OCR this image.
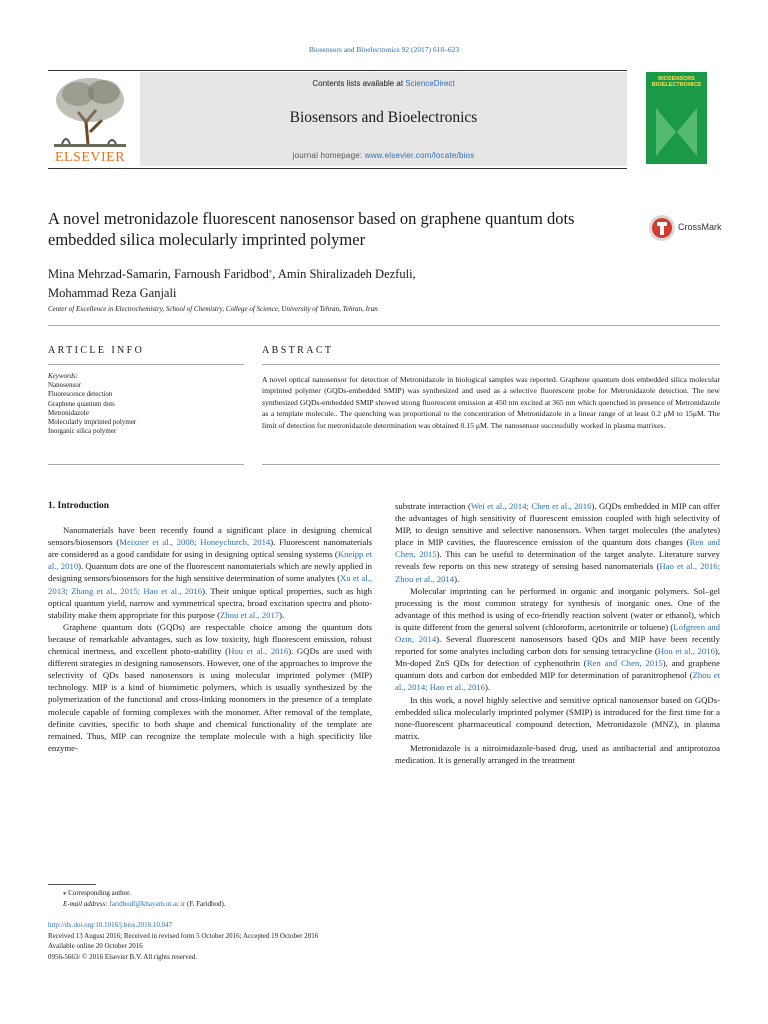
Biosensors and Bioelectronics 92 (2017) 618–623
ELSEVIER
Contents lists available at ScienceDirect
Biosensors and Bioelectronics
journal homepage: www.elsevier.com/locate/bios
BIOSENSORS BIOELECTRONICS
A novel metronidazole fluorescent nanosensor based on graphene quantum dots embedded silica molecularly imprinted polymer
CrossMark
Mina Mehrzad-Samarin, Farnoush Faridbod⁎, Amin Shiralizadeh Dezfuli,
Mohammad Reza Ganjali
Center of Excellence in Electrochemistry, School of Chemistry, College of Science, University of Tehran, Tehran, Iran
ARTICLE INFO	ABSTRACT
Keywords:
Nanosensor
Fluorescence detection
Graphene quantum dots
Metronidazole
Molecularly imprinted polymer
Inorganic silica polymer
A novel optical nanosensor for detection of Metronidazole in biological samples was reported. Graphene quantum dots embedded silica molecular imprinted polymer (GQDs-embedded SMIP) was synthesized and used as a selective fluorescent probe for Metronidazole detection. The new synthesized GQDs-embedded SMIP showed strong fluorescent emission at 450 nm excited at 365 nm which quenched in presence of Metronidazole as a template molecule.. The quenching was proportional to the concentration of Metronidazole in a linear range of at least 0.2 μM to 15μM. The limit of detection for metronidazole determination was obtained 0.15 μM. The nanosensor successfully worked in plasma matrixes.
1. Introduction

Nanomaterials have been recently found a significant place in designing chemical sensors/biosensors (Meixner et al., 2008; Honeychurch, 2014). Fluorescent nanomaterials are considered as a good candidate for using in designing optical sensing systems (Kneipp et al., 2010). Quantum dots are one of the fluorescent nanomaterials which are newly applied in designing sensors/biosensors for the high sensitive determination of some analytes (Xu et al., 2013; Zhang et al., 2015; Hao et al., 2016). Their unique optical properties, such as high optical quantum yield, narrow and symmetrical spectra, broad excitation spectra and photo-stability make them appropriate for this purpose (Zhou et al., 2017).

Graphene quantum dots (GQDs) are respectable choice among the quantum dots because of remarkable advantages, such as low toxicity, high fluorescent emission, robust chemical inertness, and excellent photo-stability (Hou et al., 2016). GQDs are used with different strategies in designing nanosensors. However, one of the approaches to improve the selectivity of QDs based nanosensors is using molecular imprinted polymer (MIP) technology. MIP is a kind of biomimetic polymers, which is usually synthesized by the polymerization of the functional and cross-linking monomers in the presence of a template molecule capable of forming complexes with the monomer. After removal of the template, definite cavities, specific to both shape and chemical functionality of the template are remained. Thus, MIP can recognize the template molecule with a high specificity like enzyme-

substrate interaction (Wei et al., 2014; Chen et al., 2016). GQDs embedded in MIP can offer the advantages of high sensitivity of fluorescent emission coupled with high selectivity of MIP, to design sensitive and selective nanosensors. When target molecules (the analytes) place in MIP cavities, the fluorescence emission of the quantum dots changes (Ren and Chen, 2015). This can be useful to determination of the target analyte. Literature survey reveals few reports on this new strategy of sensing based nanomaterials (Hao et al., 2016; Zhou et al., 2014).

Molecular imprinting can be performed in organic and inorganic polymers. Sol–gel processing is the most common strategy for synthesis of inorganic ones. One of the advantage of this method is using of eco-friendly reaction solvent (water or ethanol), which is quite different from the general solvent (chloroform, acetonitrile or toluene) (Lofgreen and Ozin, 2014). Several fluorescent nanosensors based QDs and MIP have been recently reported for some analytes including carbon dots for sensing tetracycline (Hou et al., 2016), Mn-doped ZnS QDs for detection of cyphenothrin (Ren and Chen, 2015), and graphene quantum dots and carbon dot embedded MIP for determination of paranitrophenol (Zhou et al., 2014; Hao et al., 2016).

In this work, a novel highly selective and sensitive optical nanosensor based on GQDs-embedded silica molecularly imprinted polymer (SMIP) is introduced for the first time for a none-fluorescent pharmaceutical compound detection, Metronidazole (MNZ), in plasma matrix.

Metronidazole is a nitroimidazole-based drug, used as antibacterial and antiprotozoa medication. It is generally arranged in the treatment

⁎ Corresponding author.
E-mail address: faridbodf@khayam.ut.ac.ir (F. Faridbod).
http://dx.doi.org/10.1016/j.bios.2016.10.047
Received 13 August 2016; Received in revised form 5 October 2016; Accepted 19 October 2016
Available online 20 October 2016
0956-5663/ © 2016 Elsevier B.V. All rights reserved.
